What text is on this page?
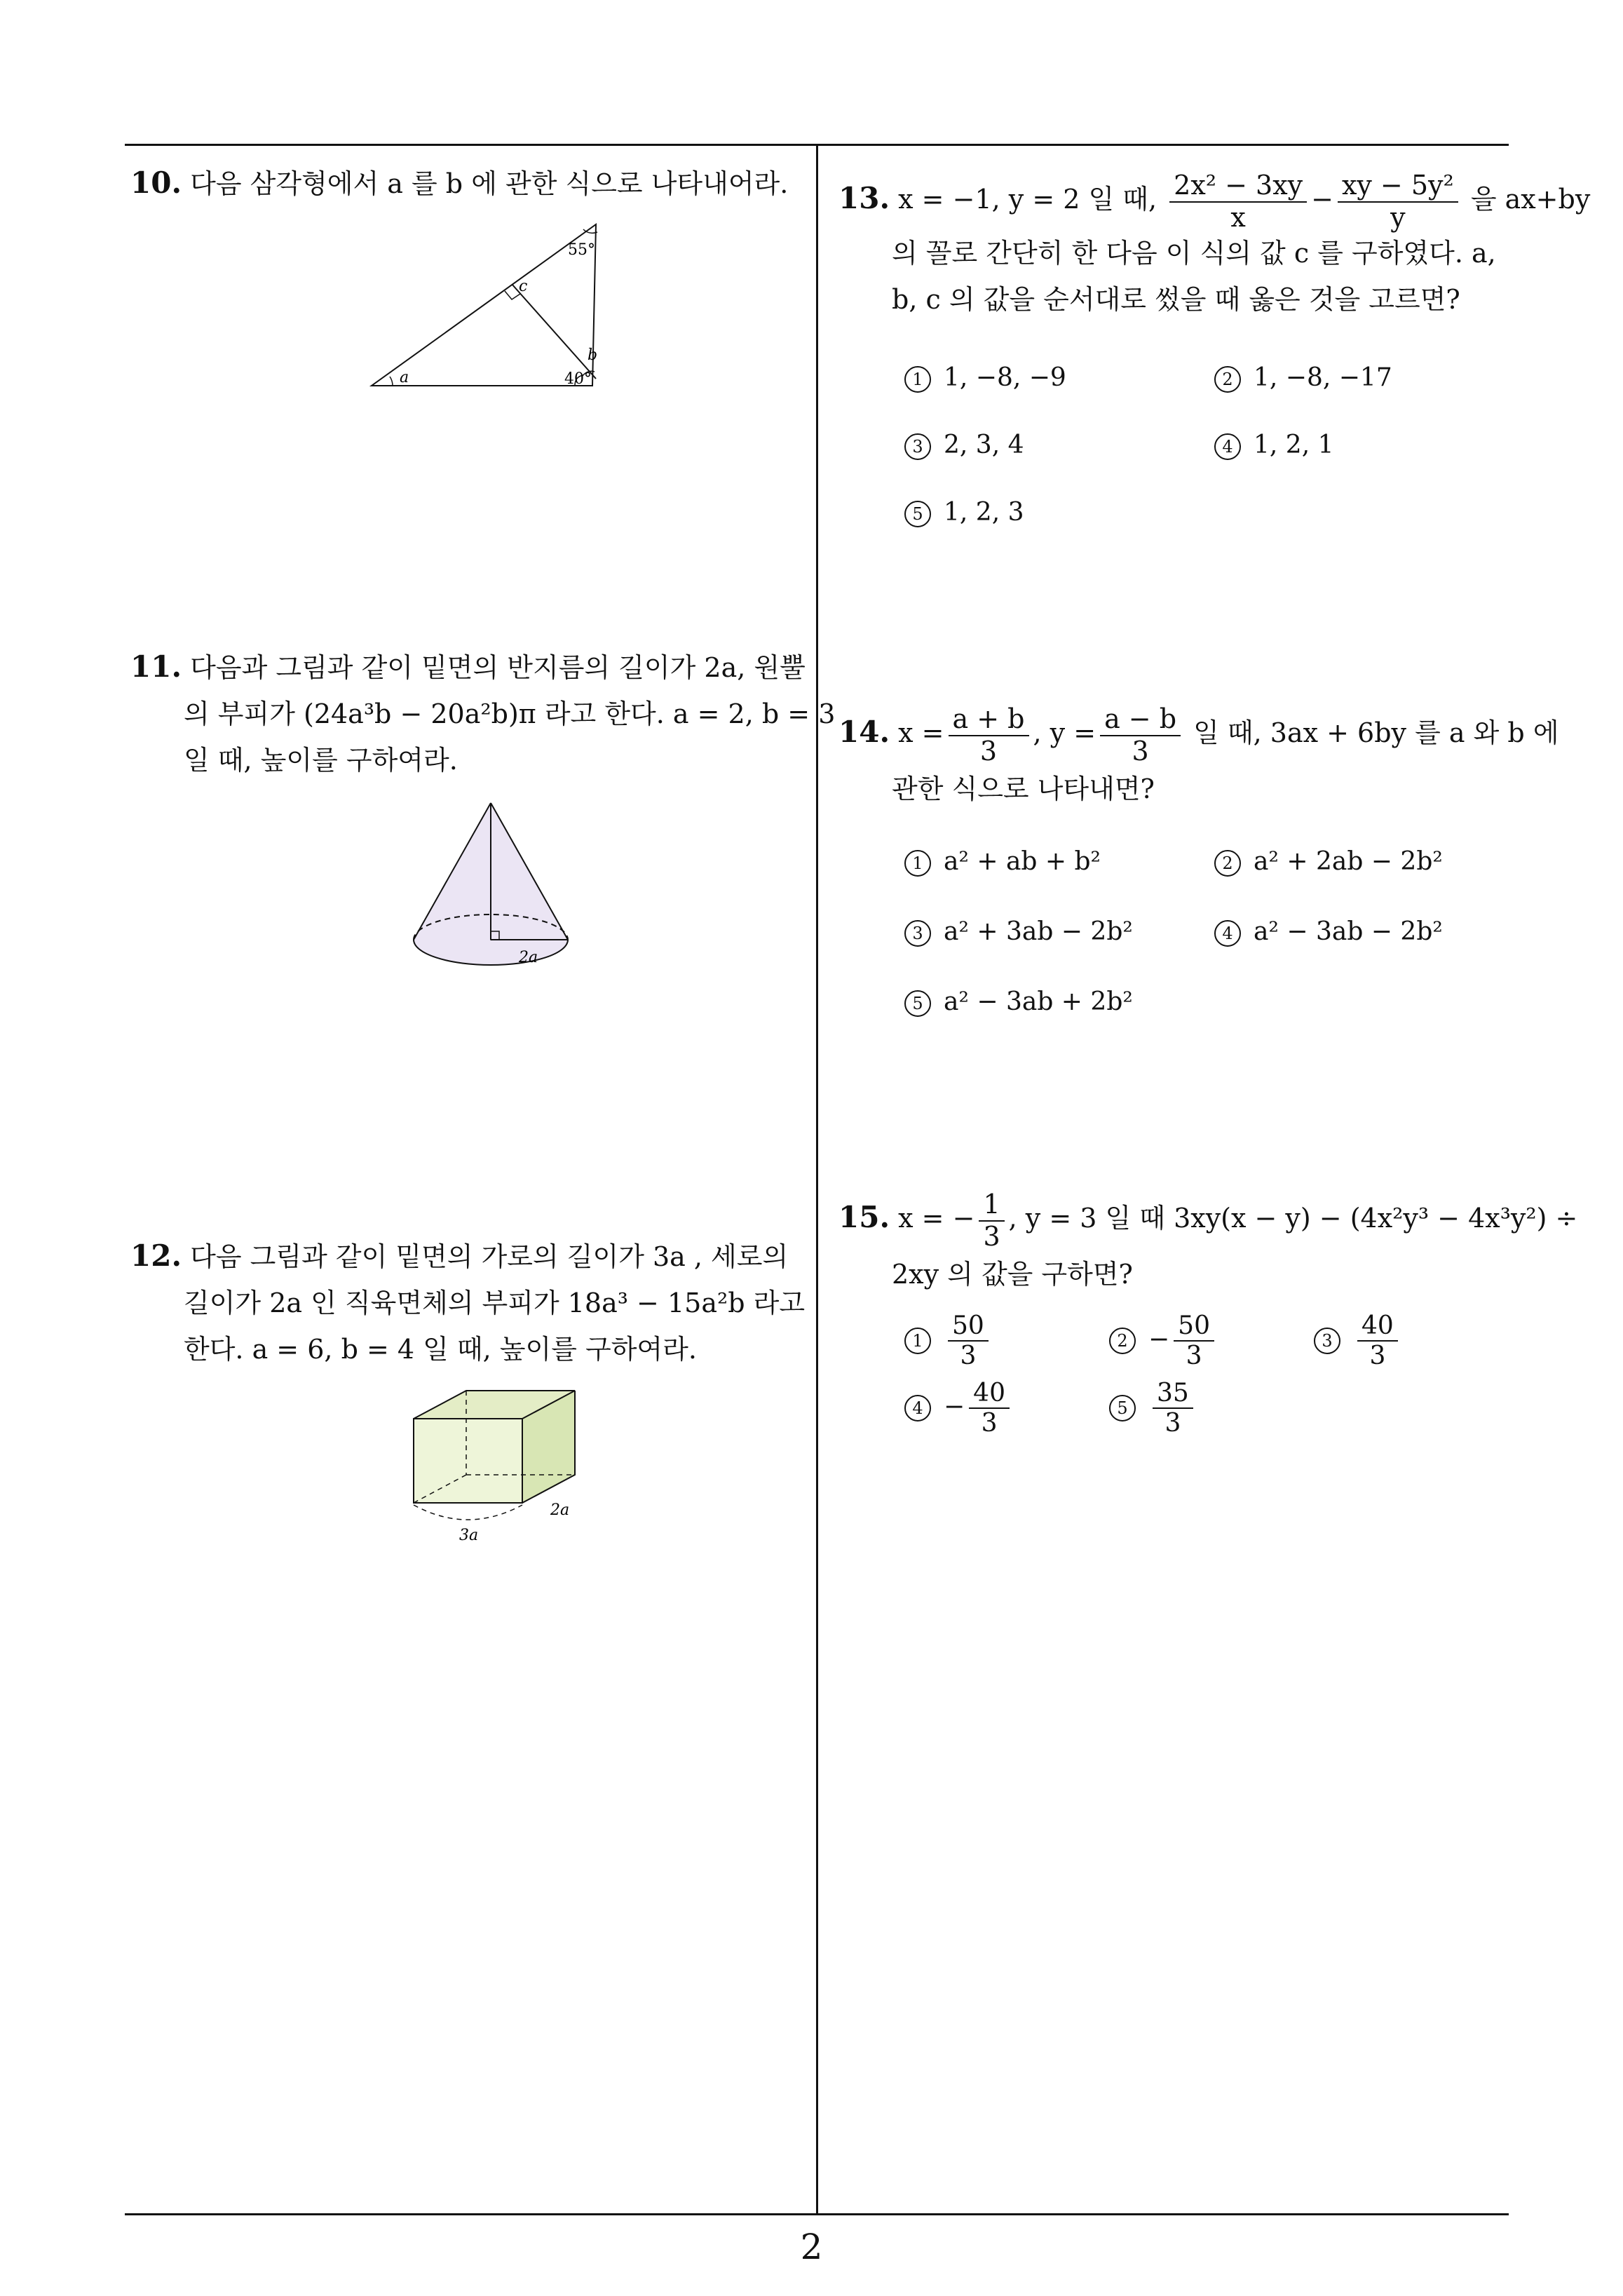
10. 다음 삼각형에서 a 를 b 에 관한 식으로 나타내어라.
55°
40°
a
b
c
11. 다음과 그림과 같이 밑면의 반지름의 길이가 2a, 원뿔
의 부피가 (24a³b − 20a²b)π 라고 한다. a = 2, b = 3
일 때, 높이를 구하여라.
2a
12. 다음 그림과 같이 밑면의 가로의 길이가 3a , 세로의
길이가 2a 인 직육면체의 부피가 18a³ − 15a²b 라고
한다. a = 6, b = 4 일 때, 높이를 구하여라.
3a
2a
13. x = −1, y = 2 일 때, $\frac{\text{2x² − 3xy}}{x} - \frac{\text{xy − 5y²}}{y}$ 을 ax+by
의 꼴로 간단히 한 다음 이 식의 값 c 를 구하였다. a,
b, c 의 값을 순서대로 썼을 때 옳은 것을 고르면?
1 1, −8, −9	2 1, −8, −17
3 2, 3, 4	4 1, 2, 1
5 1, 2, 3
14. $x = \frac{a + b}{3}$ , $y = \frac{a - b}{3}$ 일 때, 3ax + 6by 를 a 와 b 에
관한 식으로 나타내면?
1 a² + ab + b²	2 a² + 2ab − 2b²
3 a² + 3ab − 2b²	4 a² − 3ab − 2b²
5 a² − 3ab + 2b²
15. x = − $\frac{1}{3}$ , y = 3 일 때 3xy(x − y) − (4x²y³ − 4x³y²) ÷
2xy 의 값을 구하면?
$1 \frac{50}{3}$	$2 - \frac{50}{3}$	$3 \frac{40}{3}$
$4 - \frac{40}{3}$	$5 \frac{35}{3}$
2
